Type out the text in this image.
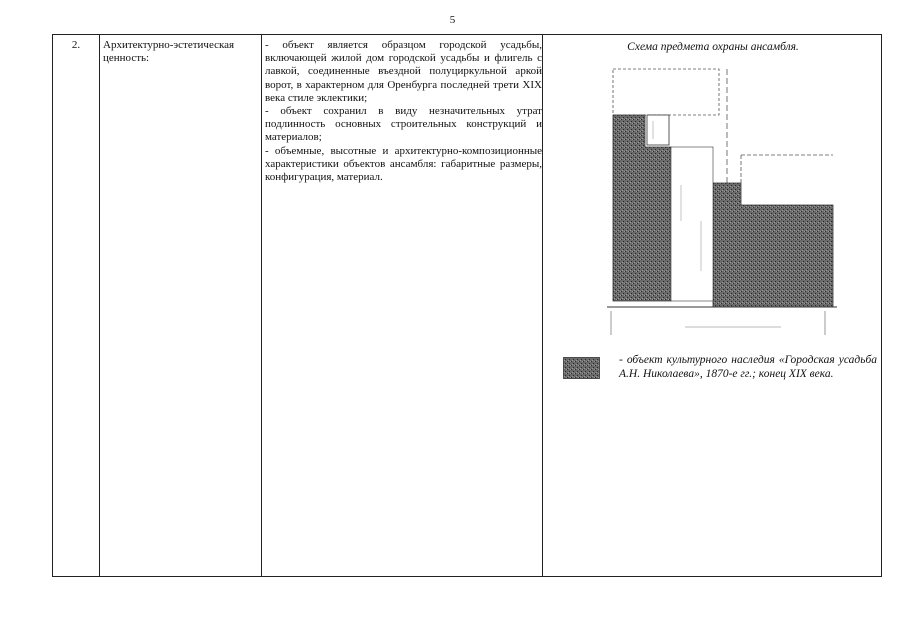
5
2.	Архитектурно-эстетическая ценность:

- объект является образцом городской усадьбы, включающей жилой дом городской усадьбы и флигель с лавкой, соединенные въездной полуциркульной аркой ворот, в характерном для Оренбурга последней трети XIX века стиле эклектики;

- объект сохранил в виду незначительных утрат подлинность основных строительных конструкций и материалов;

- объемные, высотные и архитектурно-композиционные характеристики объектов ансамбля: габаритные размеры, конфигурация, материал.

Схема предмета охраны ансамбля.
- объект культурного наследия «Городская усадьба А.Н. Николаева», 1870-е гг.; конец XIX века.
